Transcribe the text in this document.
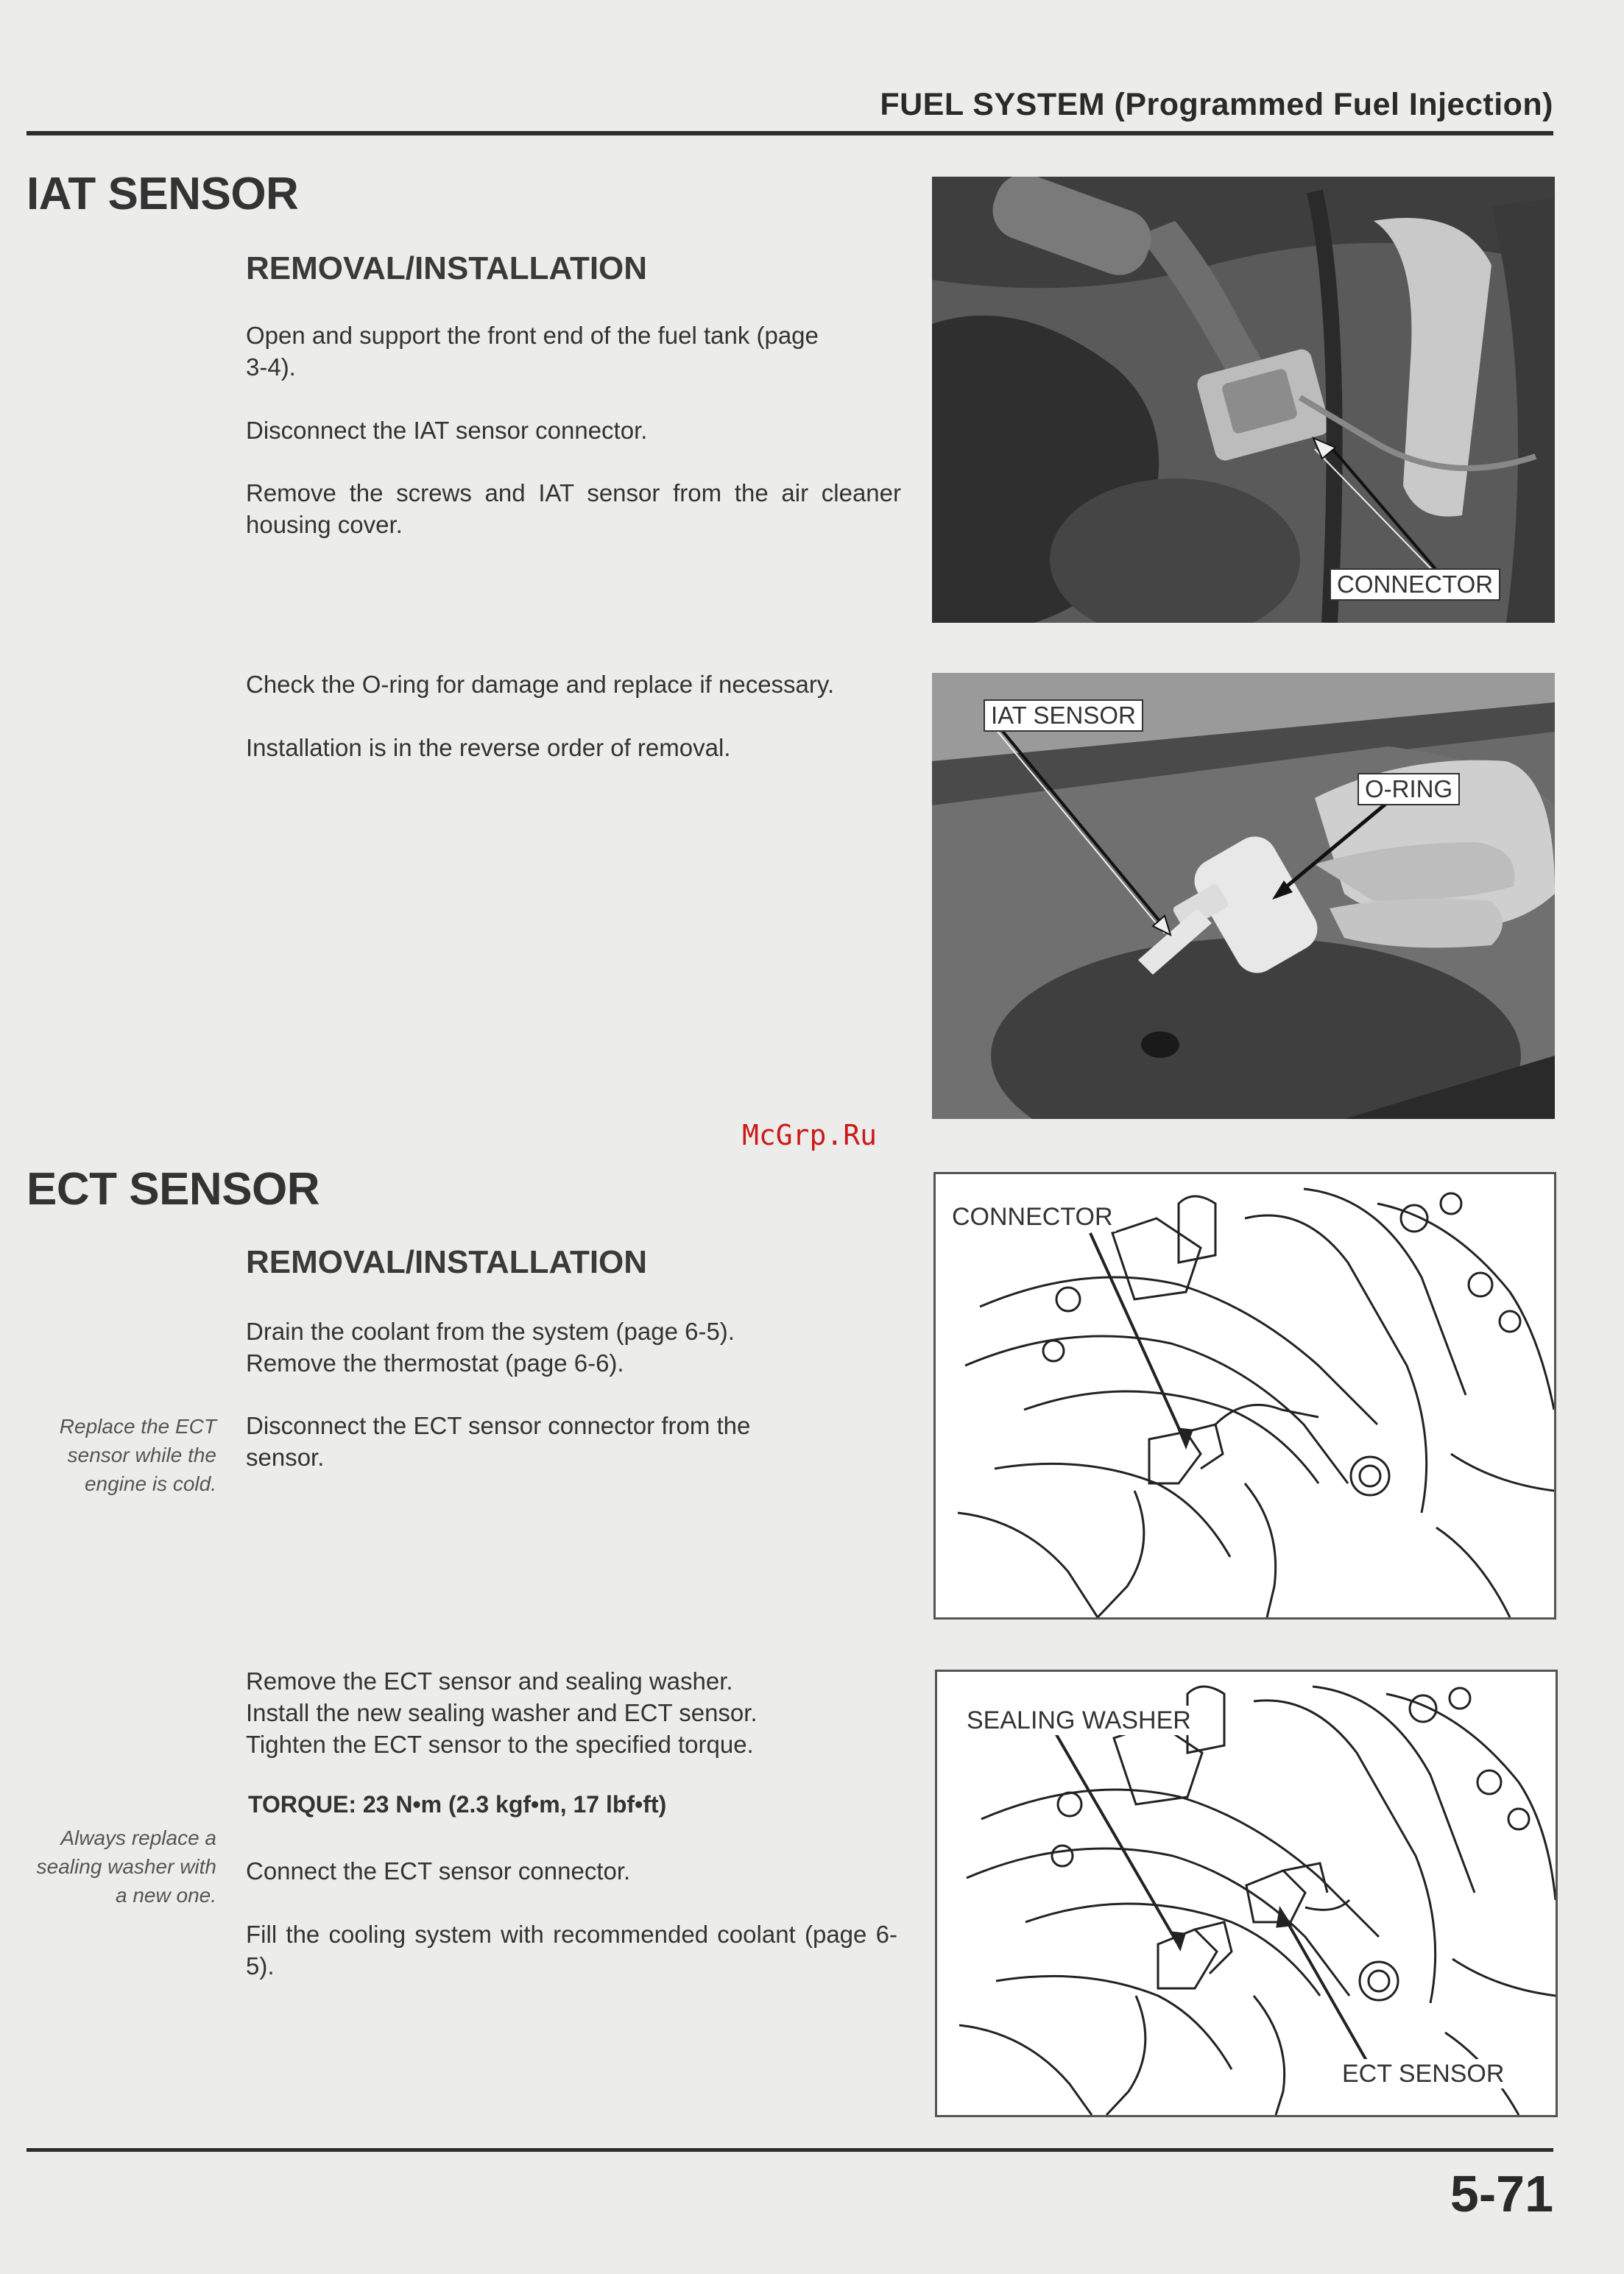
FUEL SYSTEM (Programmed Fuel Injection)
IAT SENSOR
REMOVAL/INSTALLATION
Open and support the front end of the fuel tank (page 3-4).
Disconnect the IAT sensor connector.
Remove the screws and IAT sensor from the air cleaner housing cover.
Check the O-ring for damage and replace if necessary.
Installation is in the reverse order of removal.
CONNECTOR
IAT SENSOR
O-RING
McGrp.Ru
ECT SENSOR
REMOVAL/INSTALLATION
Drain the coolant from the system (page 6-5).
Remove the thermostat (page 6-6).
Replace the ECT sensor while the engine is cold.
Disconnect the ECT sensor connector from the sensor.
Remove the ECT sensor and sealing washer.
Install the new sealing washer and ECT sensor.
Tighten the ECT sensor to the specified torque.
TORQUE: 23 N•m (2.3 kgf•m, 17 lbf•ft)
Always replace a sealing washer with a new one.
Connect the ECT sensor connector.
Fill the cooling system with recommended coolant (page 6-5).
CONNECTOR
SEALING WASHER
ECT SENSOR
5-71
